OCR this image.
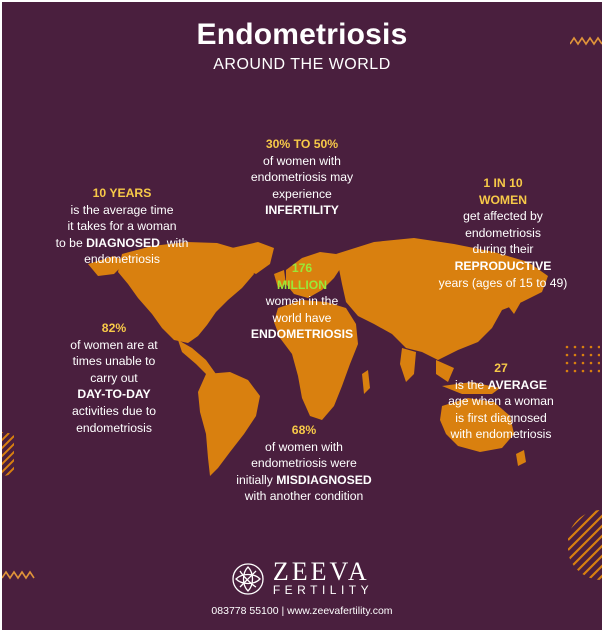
Endometriosis
AROUND THE WORLD
30% TO 50%
of women with
endometriosis may
experience
INFERTILITY
10 YEARS
is the average time
it takes for a woman
to be DIAGNOSED  with
endometriosis
1 IN 10
WOMEN
get affected by
endometriosis
during their
REPRODUCTIVE
years (ages of 15 to 49)
176
MILLION
women in the
world have
ENDOMETRIOSIS
82%
of women are at
times unable to
carry out
DAY-TO-DAY
activities due to
endometriosis
27
is the AVERAGE
age when a woman
is first diagnosed
with endometriosis
68%
of women with
endometriosis were
initially MISDIAGNOSED
with another condition
ZEEVA
FERTILITY
083778 55100 | www.zeevafertility.com
